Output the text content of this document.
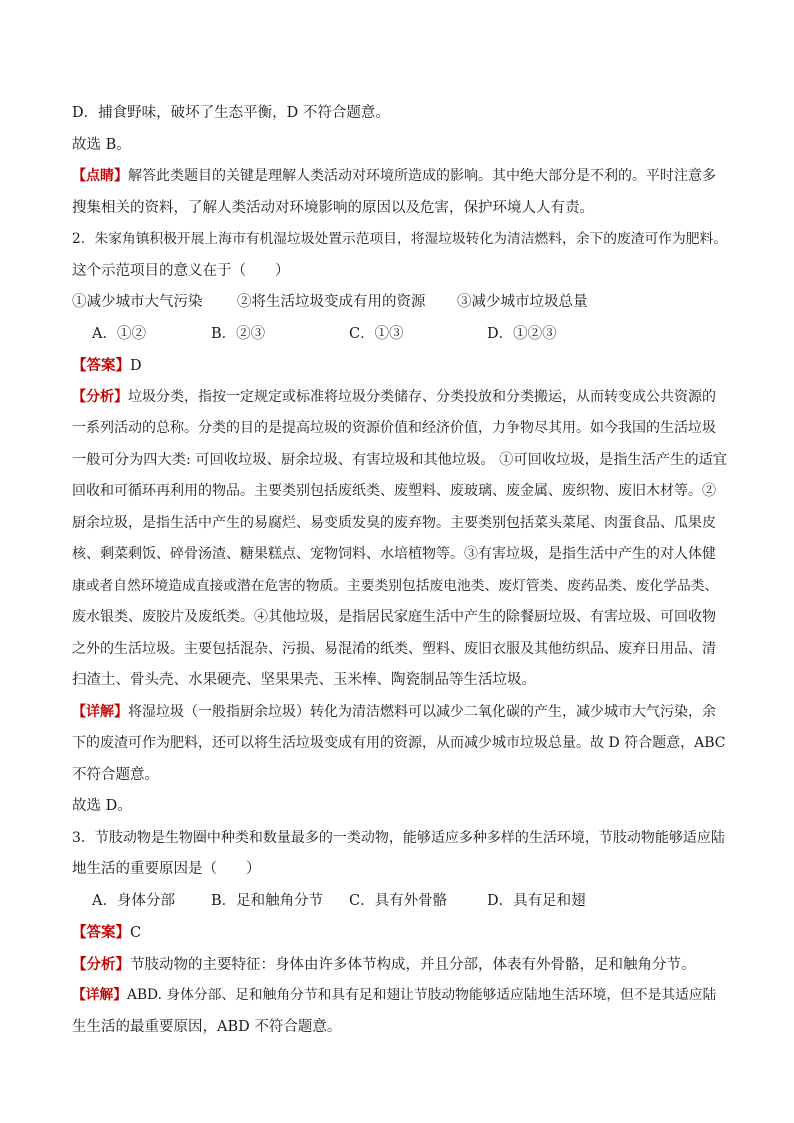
D．捕食野味，破坏了生态平衡，D 不符合题意。
故选 B。
【点睛】解答此类题目的关键是理解人类活动对环境所造成的影响。其中绝大部分是不利的。平时注意多
搜集相关的资料，了解人类活动对环境影响的原因以及危害，保护环境人人有责。
2．朱家角镇积极开展上海市有机湿垃圾处置示范项目，将湿垃圾转化为清洁燃料，余下的废渣可作为肥料。
这个示范项目的意义在于（　　）
①减少城市大气污染	②将生活垃圾变成有用的资源	③减少城市垃圾总量
A．①②	B．②③	C．①③	D．①②③
【答案】D
【分析】垃圾分类，指按一定规定或标准将垃圾分类储存、分类投放和分类搬运，从而转变成公共资源的
一系列活动的总称。分类的目的是提高垃圾的资源价值和经济价值，力争物尽其用。如今我国的生活垃圾
一般可分为四大类: 可回收垃圾、厨余垃圾、有害垃圾和其他垃圾。 ①可回收垃圾，是指生活产生的适宜
回收和可循环再利用的物品。主要类别包括废纸类、废塑料、废玻璃、废金属、废织物、废旧木材等。②
厨余垃圾，是指生活中产生的易腐烂、易变质发臭的废弃物。主要类别包括菜头菜尾、肉蛋食品、瓜果皮
核、剩菜剩饭、碎骨汤渣、糖果糕点、宠物饲料、水培植物等。③有害垃圾，是指生活中产生的对人体健
康或者自然环境造成直接或潜在危害的物质。主要类别包括废电池类、废灯管类、废药品类、废化学品类、
废水银类、废胶片及废纸类。④其他垃圾，是指居民家庭生活中产生的除餐厨垃圾、有害垃圾、可回收物
之外的生活垃圾。主要包括混杂、污损、易混淆的纸类、塑料、废旧衣服及其他纺织品、废弃日用品、清
扫渣土、骨头壳、水果硬壳、坚果果壳、玉米棒、陶瓷制品等生活垃圾。
【详解】将湿垃圾（一般指厨余垃圾）转化为清洁燃料可以减少二氧化碳的产生，减少城市大气污染，余
下的废渣可作为肥料，还可以将生活垃圾变成有用的资源，从而减少城市垃圾总量。故 D 符合题意，ABC
不符合题意。
故选 D。
3．节肢动物是生物圈中种类和数量最多的一类动物，能够适应多种多样的生活环境，节肢动物能够适应陆
地生活的重要原因是（　　）
A．身体分部	B．足和触角分节	C．具有外骨骼	D．具有足和翅
【答案】C
【分析】节肢动物的主要特征：身体由许多体节构成，并且分部，体表有外骨骼，足和触角分节。
【详解】ABD. 身体分部、足和触角分节和具有足和翅让节肢动物能够适应陆地生活环境，但不是其适应陆
生生活的最重要原因，ABD 不符合题意。
